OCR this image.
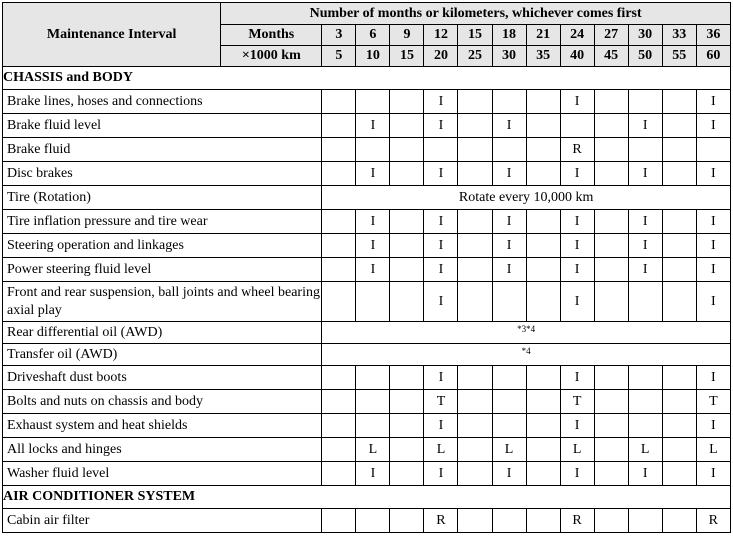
Maintenance Interval	Number of months or kilometers, whichever comes first												
	Months	3	6	9	12	15	18	21	24	27	30	33	36
	×1000 km	5	10	15	20	25	30	35	40	45	50	55	60
CHASSIS and BODY													
Brake lines, hoses and connections					I				I				I
Brake fluid level			I		I		I				I		I
Brake fluid									R				
Disc brakes			I		I		I		I		I		I
Tire (Rotation)		Rotate every 10,000 km											
Tire inflation pressure and tire wear			I		I		I		I		I		I
Steering operation and linkages			I		I		I		I		I		I
Power steering fluid level			I		I		I		I		I		I
Front and rear suspension, ball joints and wheel bearing axial play					I				I				I
Rear differential oil (AWD)		*3*4											
Transfer oil (AWD)		*4											
Driveshaft dust boots					I				I				I
Bolts and nuts on chassis and body					T				T				T
Exhaust system and heat shields					I				I				I
All locks and hinges			L		L		L		L		L		L
Washer fluid level			I		I		I		I		I		I
AIR CONDITIONER SYSTEM													
Cabin air filter					R				R				R
